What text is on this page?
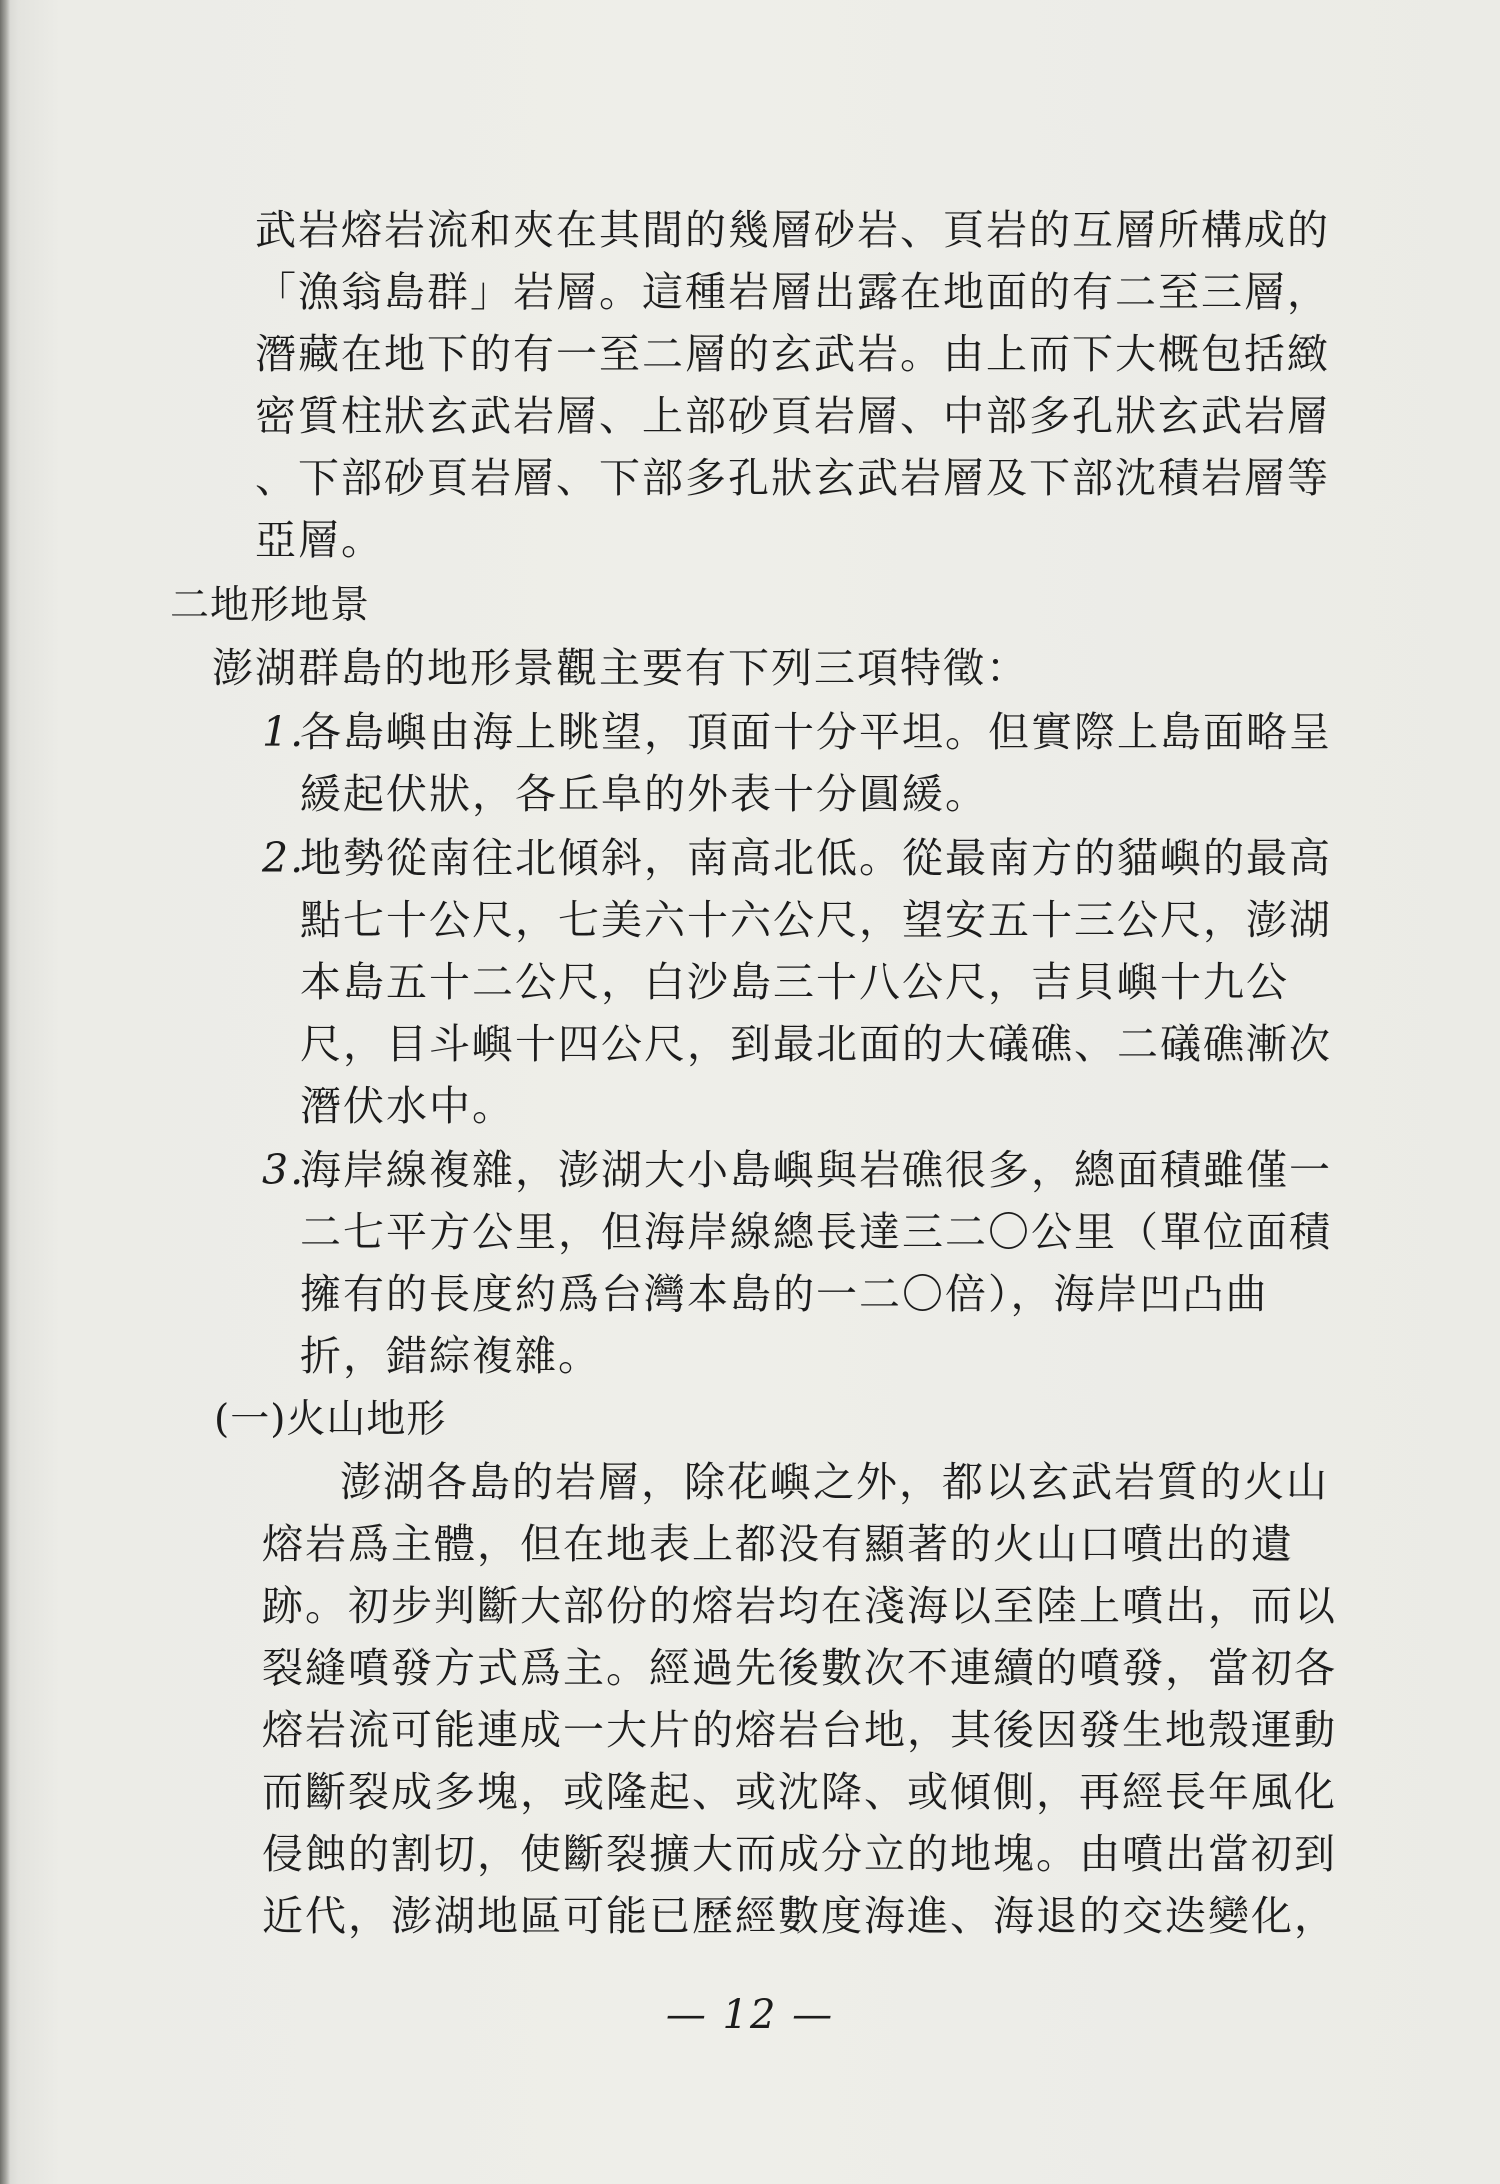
武岩熔岩流和夾在其間的幾層砂岩、頁岩的互層所構成的
「漁翁島群」岩層。這種岩層出露在地面的有二至三層，
潛藏在地下的有一至二層的玄武岩。由上而下大概包括緻
密質柱狀玄武岩層、上部砂頁岩層、中部多孔狀玄武岩層
、下部砂頁岩層、下部多孔狀玄武岩層及下部沈積岩層等
亞層。
二地形地景
澎湖群島的地形景觀主要有下列三項特徵：
1.
各島嶼由海上眺望，頂面十分平坦。但實際上島面略呈
緩起伏狀，各丘阜的外表十分圓緩。
2.
地勢從南往北傾斜，南高北低。從最南方的貓嶼的最高
點七十公尺，七美六十六公尺，望安五十三公尺，澎湖
本島五十二公尺，白沙島三十八公尺，吉貝嶼十九公
尺，目斗嶼十四公尺，到最北面的大礒礁、二礒礁漸次
潛伏水中。
3.
海岸線複雜，澎湖大小島嶼與岩礁很多，總面積雖僅一
二七平方公里，但海岸線總長達三二〇公里（單位面積
擁有的長度約爲台灣本島的一二〇倍），海岸凹凸曲
折，錯綜複雜。
(一)火山地形
澎湖各島的岩層，除花嶼之外，都以玄武岩質的火山
熔岩爲主體，但在地表上都没有顯著的火山口噴出的遺
跡。初步判斷大部份的熔岩均在淺海以至陸上噴出，而以
裂縫噴發方式爲主。經過先後數次不連續的噴發，當初各
熔岩流可能連成一大片的熔岩台地，其後因發生地殼運動
而斷裂成多塊，或隆起、或沈降、或傾側，再經長年風化
侵蝕的割切，使斷裂擴大而成分立的地塊。由噴出當初到
近代，澎湖地區可能已歷經數度海進、海退的交迭變化，
— 12 —
